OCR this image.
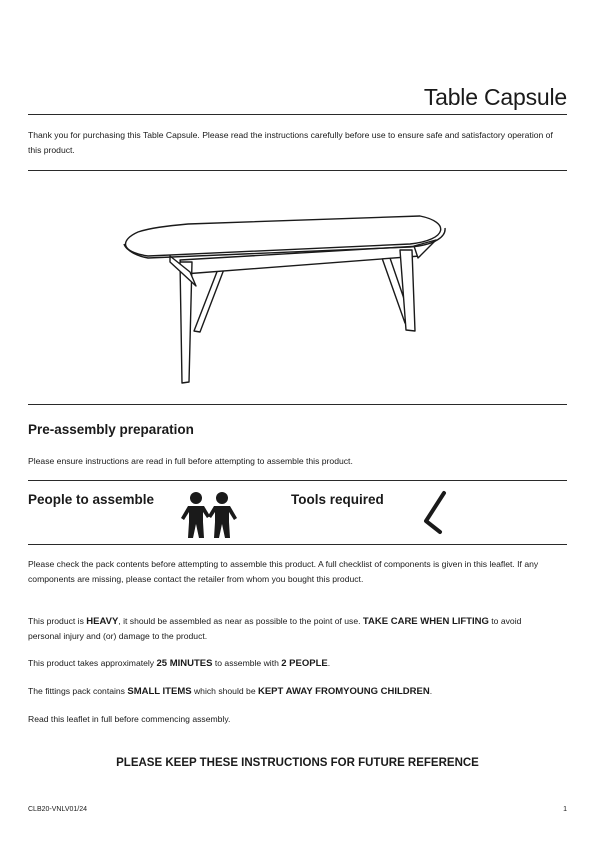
Table Capsule
Thank you for purchasing this Table Capsule. Please read the instructions carefully before use to ensure safe and satisfactory operation of this product.
Pre-assembly preparation
Please ensure instructions are read in full before attempting to assemble this product.
People to assemble	Tools required
Please check the pack contents before attempting to assemble this product. A full checklist of components is given in this leaflet. If any components are missing, please contact the retailer from whom you bought this product.
This product is HEAVY, it should be assembled as near as possible to the point of use. TAKE CARE WHEN LIFTING to avoid personal injury and (or) damage to the product.
This product takes approximately 25 MINUTES to assemble with 2 PEOPLE.
The fittings pack contains SMALL ITEMS which should be KEPT AWAY FROMYOUNG CHILDREN.
Read this leaflet in full before commencing assembly.
PLEASE KEEP THESE INSTRUCTIONS FOR FUTURE REFERENCE
CLB20-VNLV01/24	1
